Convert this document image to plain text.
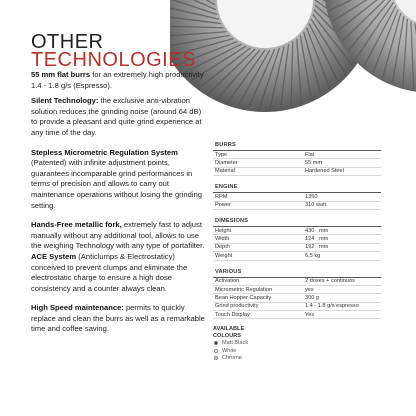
OTHER
TECHNOLOGIES

55 mm flat burrs for an extremely high productivity 1.4 - 1.8 g/s (Espresso).

Silent Technology: the exclusive anti-vibration solution reduces the grinding noise (around 64 dB) to provide a pleasant and quite grind experience at any time of the day.

Stepless Micrometric Regulation System (Patented) with infinite adjustment points, guarantees incomparable grind performances in terms of precision and allows to carry out maintenance operations without losing the grinding setting.

Hands-Free metallic fork, extremely fast to adjust manually without any additional tool, allows to use the weighing Technology with any type of portafilter.

ACE System (Anticlumps & Electrostaticy) conceived to prevent clumps and eliminate the electrostatic charge to ensure a high dose consistency and a counter always clean.

High Speed maintenance: permits to quickly replace and clean the burrs as well as a remarkable time and coffee saving.

BURRS
Type	Flat
Diameter	55 mm
Material	Hardened Steel
ENGINE
RPM	1350
Power	310 watt
DIMESIONS
Height	430 mm
Width	124 mm
Depth	192 mm
Weight	6,5 kg
VARIOUS
Activation	2 doses + continuos
Micrometric Regulation	yes
Bean Hopper Capacity	300 g
Grind productivity	1.4 - 1.8 g/s espresso
Touch Display	Yes
AVAILABLE
COLOURS
Matt Black
White
Chrome
